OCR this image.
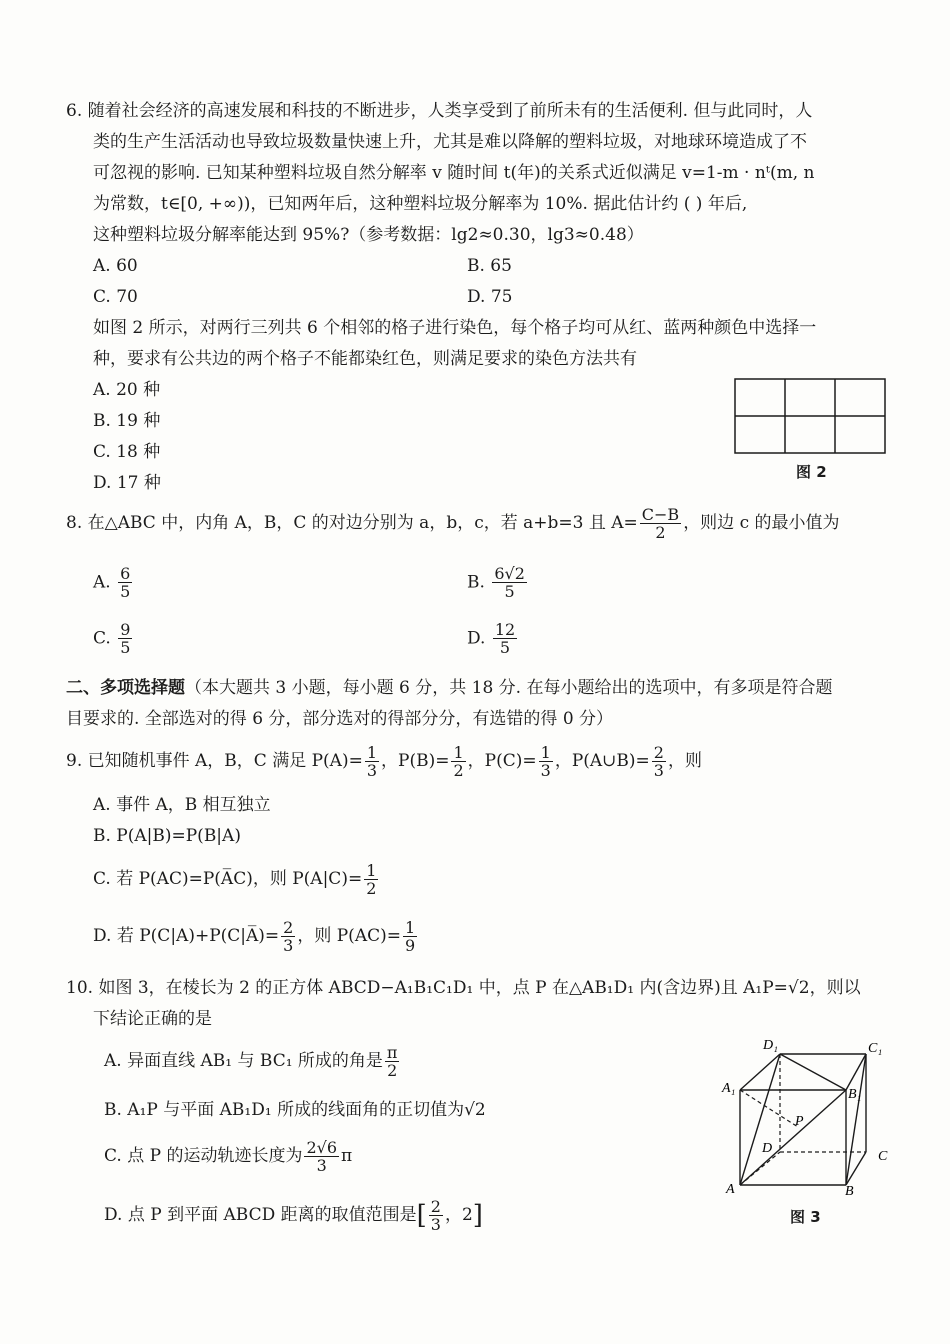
6. 随着社会经济的高速发展和科技的不断进步，人类享受到了前所未有的生活便利. 但与此同时，人
类的生产生活活动也导致垃圾数量快速上升，尤其是难以降解的塑料垃圾，对地球环境造成了不
可忽视的影响. 已知某种塑料垃圾自然分解率 v 随时间 t(年)的关系式近似满足 v=1-m · nᵗ(m, n
为常数，t∈[0, +∞))，已知两年后，这种塑料垃圾分解率为 10%. 据此估计约 ( ) 年后,
这种塑料垃圾分解率能达到 95%?（参考数据：lg2≈0.30，lg3≈0.48）
A. 60	B. 65
C. 70	D. 75
如图 2 所示，对两行三列共 6 个相邻的格子进行染色，每个格子均可从红、蓝两种颜色中选择一
种，要求有公共边的两个格子不能都染红色，则满足要求的染色方法共有
A. 20 种
B. 19 种
C. 18 种
D. 17 种
图 2
8. 在△ABC 中，内角 A，B，C 的对边分别为 a，b，c，若 a+b=3 且 $A= \frac{C-B}{2}$ ，则边 c 的最小值为
A. $\frac{6}{5}$	B. $\frac{6√2}{5}$
C. $\frac{9}{5}$	D. $\frac{12}{5}$
二、多项选择题（本大题共 3 小题，每小题 6 分，共 18 分. 在每小题给出的选项中，有多项是符合题
目要求的. 全部选对的得 6 分，部分选对的得部分分，有选错的得 0 分）
9. 已知随机事件 A，B，C 满足 $P(A)= \frac{1}{3}$ ，$P(B)= \frac{1}{2}$ ，$P(C)= \frac{1}{3}$ ，P(A∪B)= $\frac{2}{3}$ ，则
A. 事件 A，B 相互独立
B. P(A|B)=P(B|A)
C. 若 P(AC)=P(A̅C)，则 $P(A|C)= \frac{1}{2}$
D. 若 P(C|A)+P(C|A̅)= $\frac{2}{3}$ ，则 $P(AC)= \frac{1}{9}$
10. 如图 3，在棱长为 2 的正方体 ABCD−A₁B₁C₁D₁ 中，点 P 在△AB₁D₁ 内(含边界)且 A₁P=√2，则以
下结论正确的是
A. 异面直线 AB₁ 与 BC₁ 所成的角是 $\frac{\pi}{2}$
B. A₁P 与平面 AB₁D₁ 所成的线面角的正切值为√2
C. 点 P 的运动轨迹长度为 $\frac{2√6}{3}$ π
D. 点 P 到平面 ABCD 距离的取值范围是[ $\frac{2}{3}$ ，2]
D₁	C₁
A₁	B₁
P
D
C
A	B
图 3
